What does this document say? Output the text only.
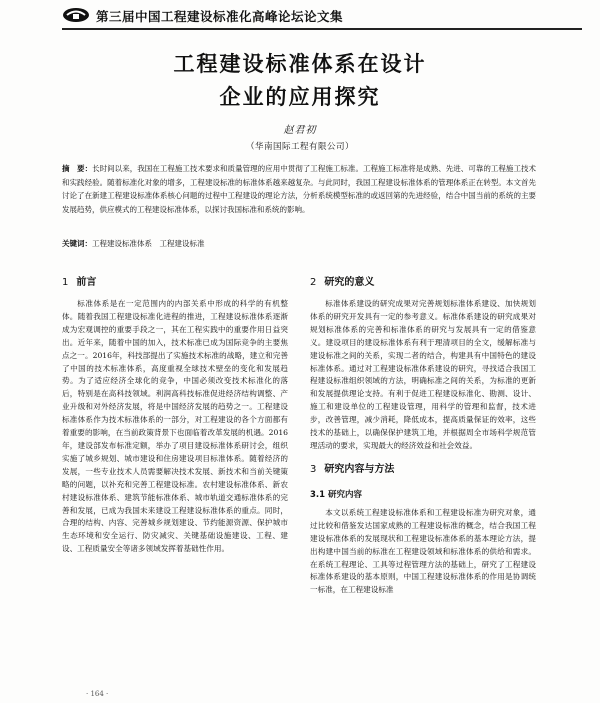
第三届中国工程建设标准化高峰论坛论文集
工程建设标准体系在设计
企业的应用探究
赵君初
（华南国际工程有限公司）
摘　要：长时间以来，我国在工程施工技术要求和质量管理的应用中贯彻了工程施工标准。工程施工标准将是成熟、先进、可靠的工程施工技术和实践经验。随着标准化对象的增多，工程建设标准的标准体系越来越复杂。与此同时，我国工程建设标准体系的管理体系正在转型。本文首先讨论了在新建工程建设标准体系核心问题的过程中工程建设的理论方法，分析系统模型标准的或返回第的先进经验，结合中国当前的系统的主要发展趋势，供应模式的工程建设标准体系，以探讨我国标准和系统的影响。
关键词：工程建设标准体系　工程建设标准
1 前言

标准体系是在一定范围内的内部关系中形成的科学的有机整体。随着我国工程建设标准化进程的推进，工程建设标准体系逐渐成为宏观调控的重要手段之一，其在工程实践中的重要作用日益突出。近年来，随着中国的加入，技术标准已成为国际竞争的主要焦点之一。2016年，科技部提出了实施技术标准的战略，建立和完善了中国的技术标准体系，高度重视全球技术壁垒的变化和发展趋势。为了适应经济全球化的竞争，中国必须改变技术标准化的落后，特别是在高科技领域。利润高科技标准促进经济结构调整、产业升级和对外经济发展，将是中国经济发展的趋势之一。工程建设标准体系作为技术标准体系的一部分，对工程建设的各个方面都有着重要的影响，在当前政策背景下也面临着改革发展的机遇。2016年，建设部发布标准定额，举办了项目建设标准体系研讨会，组织实施了城乡规划、城市建设和住房建设项目标准体系。随着经济的发展，一些专业技术人员需要解决技术发展、新技术和当前关键策略的问题，以补充和完善工程建设标准。农村建设标准体系、新农村建设标准体系、建筑节能标准体系、城市轨道交通标准体系的完善和发展，已成为我国未来建设工程建设标准体系的重点。同时，合理的结构、内容、完善城乡规划建设、节约能源资源、保护城市生态环境和安全运行、防灾减灾、关键基础设施建设、工程、建设、工程质量安全等诸多领域发挥着基础性作用。

2 研究的意义

标准体系建设的研究成果对完善规划标准体系建设、加快规划体系的研究开发具有一定的参考意义。标准体系建设的研究成果对规划标准体系的完善和标准体系的研究与发展具有一定的借鉴意义。建设项目的建设标准体系有利于理清项目的全文，缓解标准与建设标准之间的关系，实现二者的结合，构建具有中国特色的建设标准体系。通过对工程建设标准体系建设的研究，寻找适合我国工程建设标准组织领域的方法，明确标准之间的关系，为标准的更新和发展提供理论支持。有利于促进工程建设标准化、勘测、设计、施工和建设单位的工程建设管理，用科学的管理和监督，技术进步，改善管理，减少消耗，降低成本，提高质量保证的效率，这些技术的基础上，以确保保护建筑工地，并根据周全市场科学规范管理活动的要求，实现最大的经济效益和社会效益。

3 研究内容与方法
3.1 研究内容

本文以系统工程建设标准体系和工程建设标准为研究对象，通过比较和借鉴发达国家成熟的工程建设标准的概念，结合我国工程建设标准体系的发展现状和工程建设标准体系的基本理论方法，提出构建中国当前的标准在工程建设领域和标准体系的供给和需求。在系统工程理论、工具等过程管理方法的基础上，研究了工程建设标准体系建设的基本原则，中国工程建设标准体系的作用是协调统一标准，在工程建设标准

· 164 ·
